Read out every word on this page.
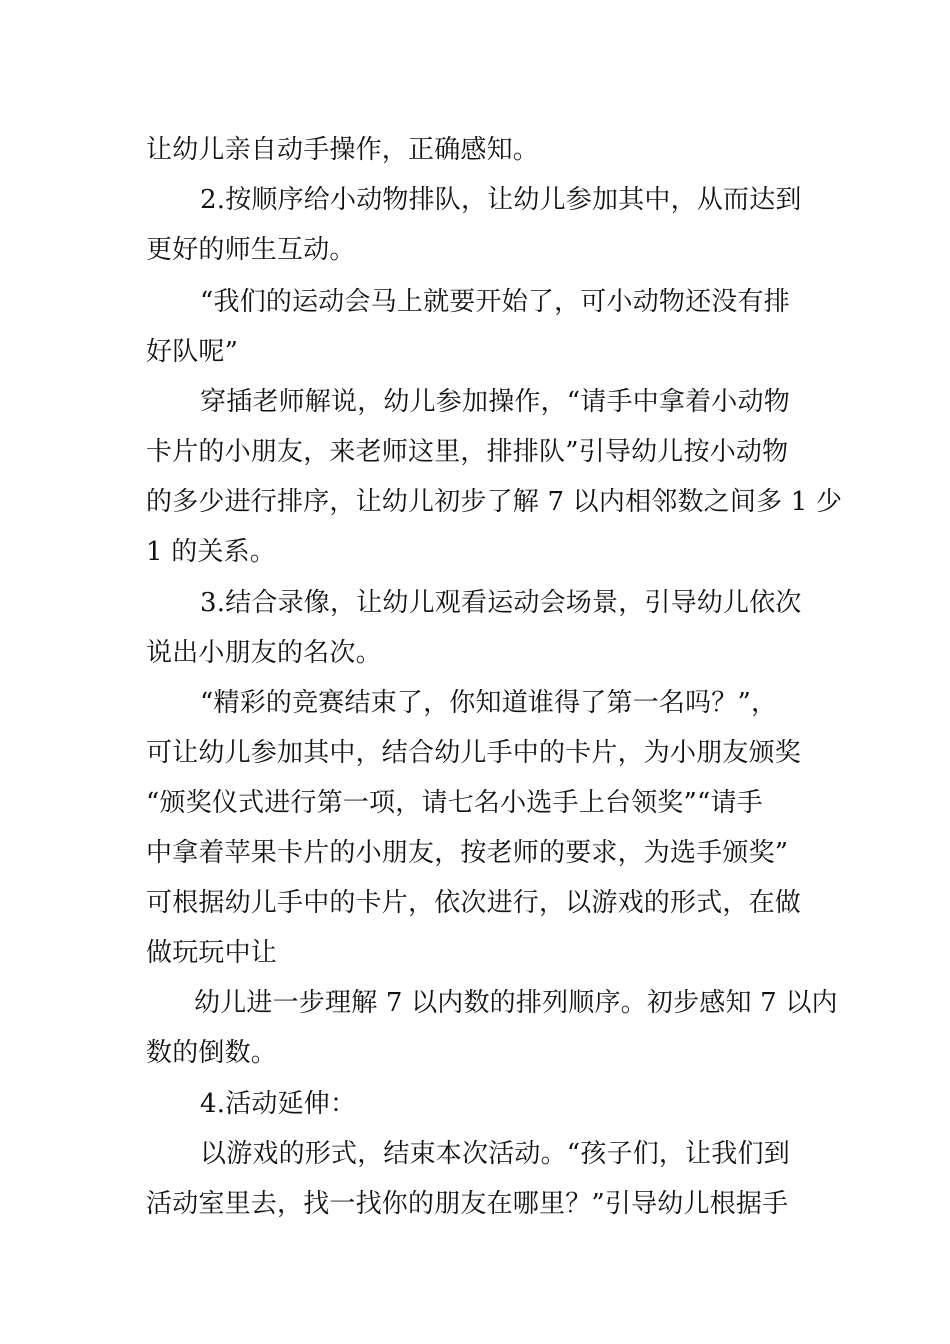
让幼儿亲自动手操作，正确感知。
2.按顺序给小动物排队，让幼儿参加其中，从而达到
更好的师生互动。
“我们的运动会马上就要开始了，可小动物还没有排
好队呢”
穿插老师解说，幼儿参加操作，“请手中拿着小动物
卡片的小朋友，来老师这里，排排队”引导幼儿按小动物
的多少进行排序，让幼儿初步了解 7 以内相邻数之间多 1 少
1 的关系。
3.结合录像，让幼儿观看运动会场景，引导幼儿依次
说出小朋友的名次。
“精彩的竞赛结束了，你知道谁得了第一名吗？”，
可让幼儿参加其中，结合幼儿手中的卡片，为小朋友颁奖
“颁奖仪式进行第一项，请七名小选手上台领奖”“请手
中拿着苹果卡片的小朋友，按老师的要求，为选手颁奖”
可根据幼儿手中的卡片，依次进行，以游戏的形式，在做
做玩玩中让
幼儿进一步理解 7 以内数的排列顺序。初步感知 7 以内
数的倒数。
4.活动延伸：
以游戏的形式，结束本次活动。“孩子们，让我们到
活动室里去，找一找你的朋友在哪里？”引导幼儿根据手
